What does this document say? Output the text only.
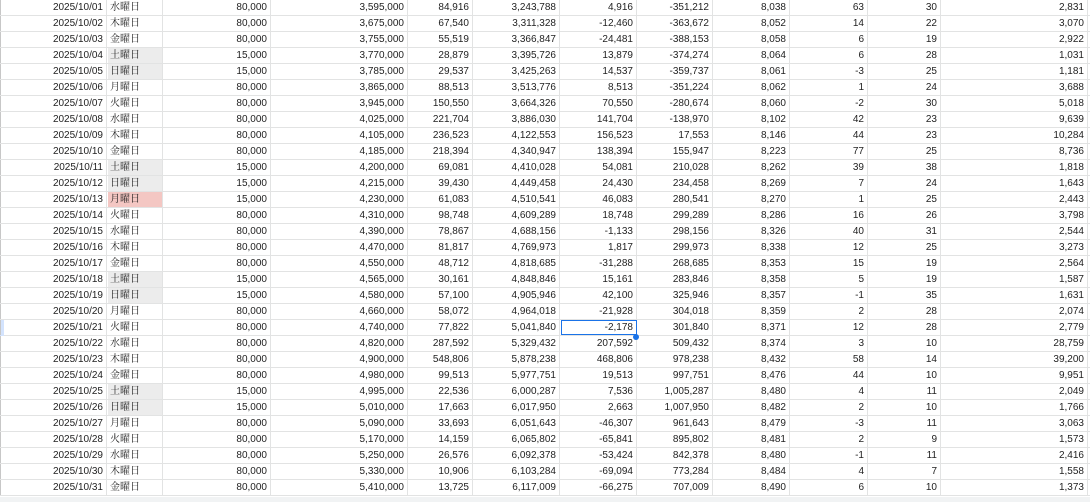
2025/10/01 水曜日	80,000	3,595,000	84,916	3,243,788	4,916	-351,212	8,038	63	30	2,831
2025/10/02 木曜日	80,000	3,675,000	67,540	3,311,328	-12,460	-363,672	8,052	14	22	3,070
2025/10/03 金曜日	80,000	3,755,000	55,519	3,366,847	-24,481	-388,153	8,058	6	19	2,922
2025/10/04 土曜日	15,000	3,770,000	28,879	3,395,726	13,879	-374,274	8,064	6	28	1,031
2025/10/05 日曜日	15,000	3,785,000	29,537	3,425,263	14,537	-359,737	8,061	-3	25	1,181
2025/10/06 月曜日	80,000	3,865,000	88,513	3,513,776	8,513	-351,224	8,062	1	24	3,688
2025/10/07 火曜日	80,000	3,945,000	150,550	3,664,326	70,550	-280,674	8,060	-2	30	5,018
2025/10/08 水曜日	80,000	4,025,000	221,704	3,886,030	141,704	-138,970	8,102	42	23	9,639
2025/10/09 木曜日	80,000	4,105,000	236,523	4,122,553	156,523	17,553	8,146	44	23	10,284
2025/10/10 金曜日	80,000	4,185,000	218,394	4,340,947	138,394	155,947	8,223	77	25	8,736
2025/10/11 土曜日	15,000	4,200,000	69,081	4,410,028	54,081	210,028	8,262	39	38	1,818
2025/10/12 日曜日	15,000	4,215,000	39,430	4,449,458	24,430	234,458	8,269	7	24	1,643
2025/10/13 月曜日	15,000	4,230,000	61,083	4,510,541	46,083	280,541	8,270	1	25	2,443
2025/10/14 火曜日	80,000	4,310,000	98,748	4,609,289	18,748	299,289	8,286	16	26	3,798
2025/10/15 水曜日	80,000	4,390,000	78,867	4,688,156	-1,133	298,156	8,326	40	31	2,544
2025/10/16 木曜日	80,000	4,470,000	81,817	4,769,973	1,817	299,973	8,338	12	25	3,273
2025/10/17 金曜日	80,000	4,550,000	48,712	4,818,685	-31,288	268,685	8,353	15	19	2,564
2025/10/18 土曜日	15,000	4,565,000	30,161	4,848,846	15,161	283,846	8,358	5	19	1,587
2025/10/19 日曜日	15,000	4,580,000	57,100	4,905,946	42,100	325,946	8,357	-1	35	1,631
2025/10/20 月曜日	80,000	4,660,000	58,072	4,964,018	-21,928	304,018	8,359	2	28	2,074
2025/10/21 火曜日	80,000	4,740,000	77,822	5,041,840	-2,178	301,840	8,371	12	28	2,779
2025/10/22 水曜日	80,000	4,820,000	287,592	5,329,432	207,592	509,432	8,374	3	10	28,759
2025/10/23 木曜日	80,000	4,900,000	548,806	5,878,238	468,806	978,238	8,432	58	14	39,200
2025/10/24 金曜日	80,000	4,980,000	99,513	5,977,751	19,513	997,751	8,476	44	10	9,951
2025/10/25 土曜日	15,000	4,995,000	22,536	6,000,287	7,536	1,005,287	8,480	4	11	2,049
2025/10/26 日曜日	15,000	5,010,000	17,663	6,017,950	2,663	1,007,950	8,482	2	10	1,766
2025/10/27 月曜日	80,000	5,090,000	33,693	6,051,643	-46,307	961,643	8,479	-3	11	3,063
2025/10/28 火曜日	80,000	5,170,000	14,159	6,065,802	-65,841	895,802	8,481	2	9	1,573
2025/10/29 水曜日	80,000	5,250,000	26,576	6,092,378	-53,424	842,378	8,480	-1	11	2,416
2025/10/30 木曜日	80,000	5,330,000	10,906	6,103,284	-69,094	773,284	8,484	4	7	1,558
2025/10/31 金曜日	80,000	5,410,000	13,725	6,117,009	-66,275	707,009	8,490	6	10	1,373
